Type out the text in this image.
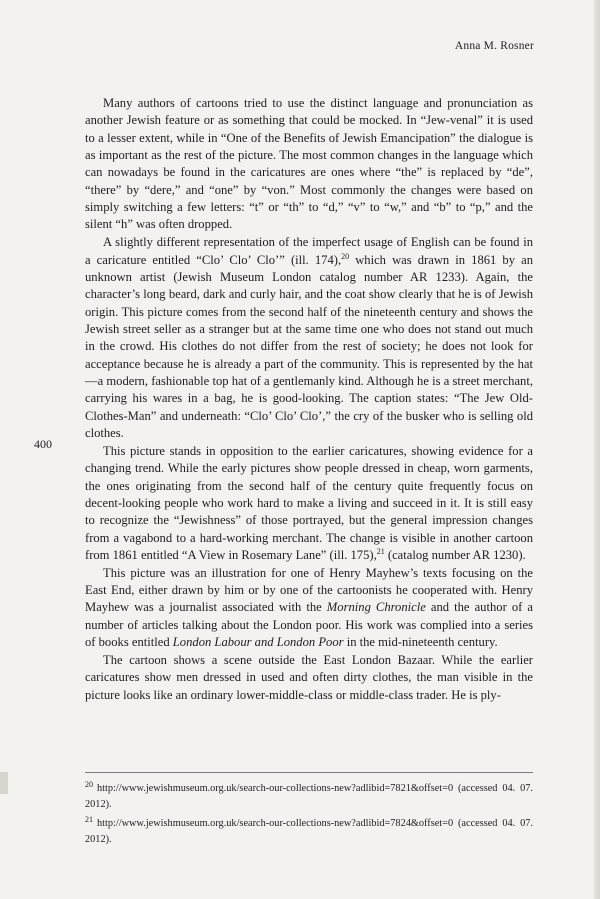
Anna M. Rosner
400

Many authors of cartoons tried to use the distinct language and pronunciation as another Jewish feature or as something that could be mocked. In “Jew-venal” it is used to a lesser extent, while in “One of the Benefits of Jewish Emancipation” the dialogue is as important as the rest of the picture. The most common changes in the language which can nowadays be found in the caricatures are ones where “the” is replaced by “de”, “there” by “dere,” and “one” by “von.” Most commonly the changes were based on simply switching a few letters: “t” or “th” to “d,” “v” to “w,” and “b” to “p,” and the silent “h” was often dropped.

A slightly different representation of the imperfect usage of English can be found in a caricature entitled “Clo’ Clo’ Clo’” (ill. 174),$^{20}$ which was drawn in 1861 by an unknown artist (Jewish Museum London catalog number AR 1233). Again, the character’s long beard, dark and curly hair, and the coat show clearly that he is of Jewish origin. This picture comes from the second half of the nineteenth century and shows the Jewish street seller as a stranger but at the same time one who does not stand out much in the crowd. His clothes do not differ from the rest of society; he does not look for acceptance because he is already a part of the community. This is represented by the hat—a modern, fashionable top hat of a gentlemanly kind. Although he is a street merchant, carrying his wares in a bag, he is good-looking. The caption states: “The Jew Old-Clothes-Man” and underneath: “Clo’ Clo’ Clo’,” the cry of the busker who is selling old clothes.

This picture stands in opposition to the earlier caricatures, showing evidence for a changing trend. While the early pictures show people dressed in cheap, worn garments, the ones originating from the second half of the century quite frequently focus on decent-looking people who work hard to make a living and succeed in it. It is still easy to recognize the “Jewishness” of those portrayed, but the general impression changes from a vagabond to a hard-working merchant. The change is visible in another cartoon from 1861 entitled “A View in Rosemary Lane” (ill. 175),$^{21}$ (catalog number AR 1230).

This picture was an illustration for one of Henry Mayhew’s texts focusing on the East End, either drawn by him or by one of the cartoonists he cooperated with. Henry Mayhew was a journalist associated with the Morning Chronicle and the author of a number of articles talking about the London poor. His work was complied into a series of books entitled London Labour and London Poor in the mid-nineteenth century.

The cartoon shows a scene outside the East London Bazaar. While the earlier caricatures show men dressed in used and often dirty clothes, the man visible in the picture looks like an ordinary lower-middle-class or middle-class trader. He is ply-

$^{20}$ http://www.jewishmuseum.org.uk/search-our-collections-new?adlibid=7821&offset=0 (accessed 04. 07. 2012).
$^{21}$ http://www.jewishmuseum.org.uk/search-our-collections-new?adlibid=7824&offset=0 (accessed 04. 07. 2012).
